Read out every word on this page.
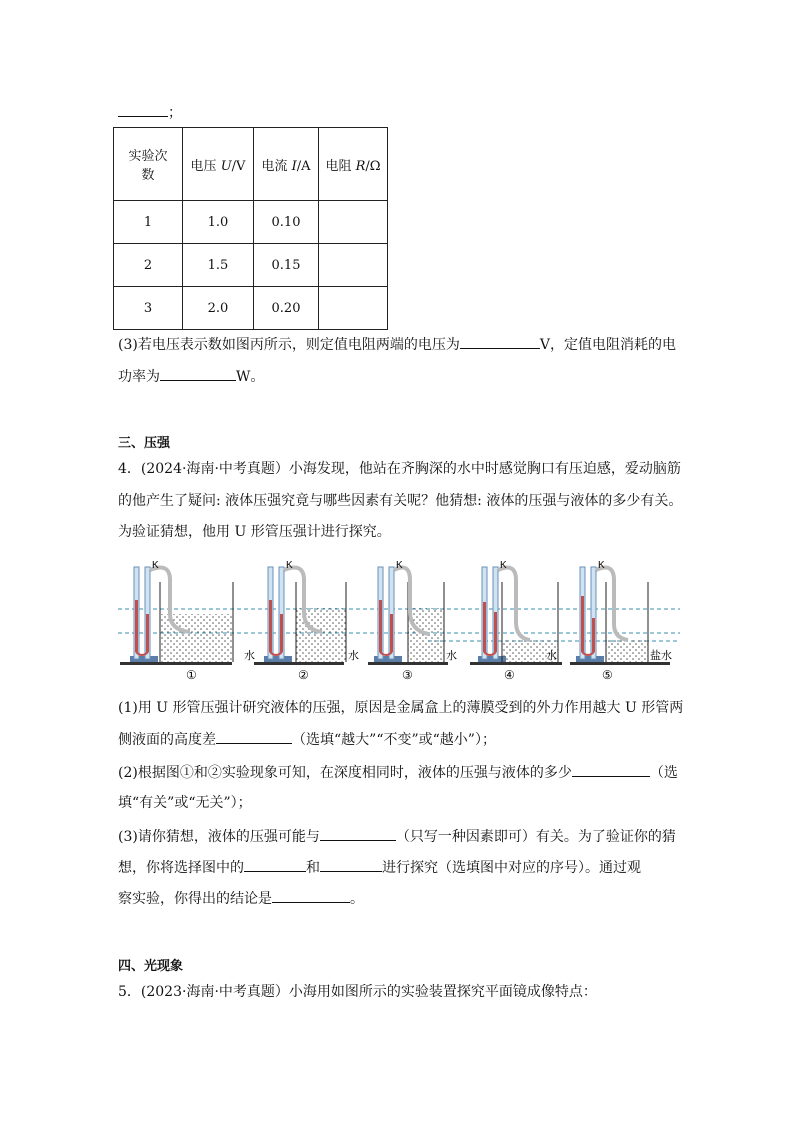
；
实验次
数	电压 U/V	电流 I/A	电阻 R/Ω
1	1.0	0.10	
2	1.5	0.15	
3	2.0	0.20	
(3)若电压表示数如图丙所示，则定值电阻两端的电压为	V，定值电阻消耗的电
功率为	W。
三、压强
4．(2024·海南·中考真题）小海发现，他站在齐胸深的水中时感觉胸口有压迫感，爱动脑筋
的他产生了疑问: 液体压强究竟与哪些因素有关呢？他猜想: 液体的压强与液体的多少有关。
为验证猜想，他用 U 形管压强计进行探究。
K
水
①
K
水
②
K
水
③
K
水
④
K
盐水
⑤
(1)用 U 形管压强计研究液体的压强，原因是金属盒上的薄膜受到的外力作用越大 U 形管两
侧液面的高度差	（选填“越大”“不变”或“越小”）；
(2)根据图①和②实验现象可知，在深度相同时，液体的压强与液体的多少	（选
填“有关”或“无关”）；
(3)请你猜想，液体的压强可能与	（只写一种因素即可）有关。为了验证你的猜
想，你将选择图中的	和	进行探究（选填图中对应的序号）。通过观
察实验，你得出的结论是	。
四、光现象
5．(2023·海南·中考真题）小海用如图所示的实验装置探究平面镜成像特点：
